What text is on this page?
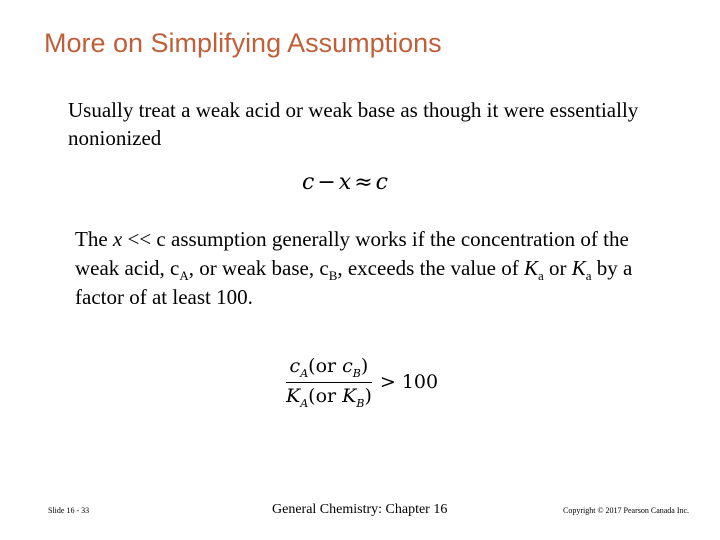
More on Simplifying Assumptions
Usually treat a weak acid or weak base as though it were essentially nonionized
c − x ≈ c
The x << c assumption generally works if the concentration of the weak acid, $c_A$, or weak base, $c_B$, exceeds the value of $K_a$ or $K_a$ by a factor of at least 100.
$\frac{c_A(or c_B)}{K_A(or K_B)} > 100$
Slide 16 - 33	General Chemistry: Chapter 16	Copyright © 2017 Pearson Canada Inc.
